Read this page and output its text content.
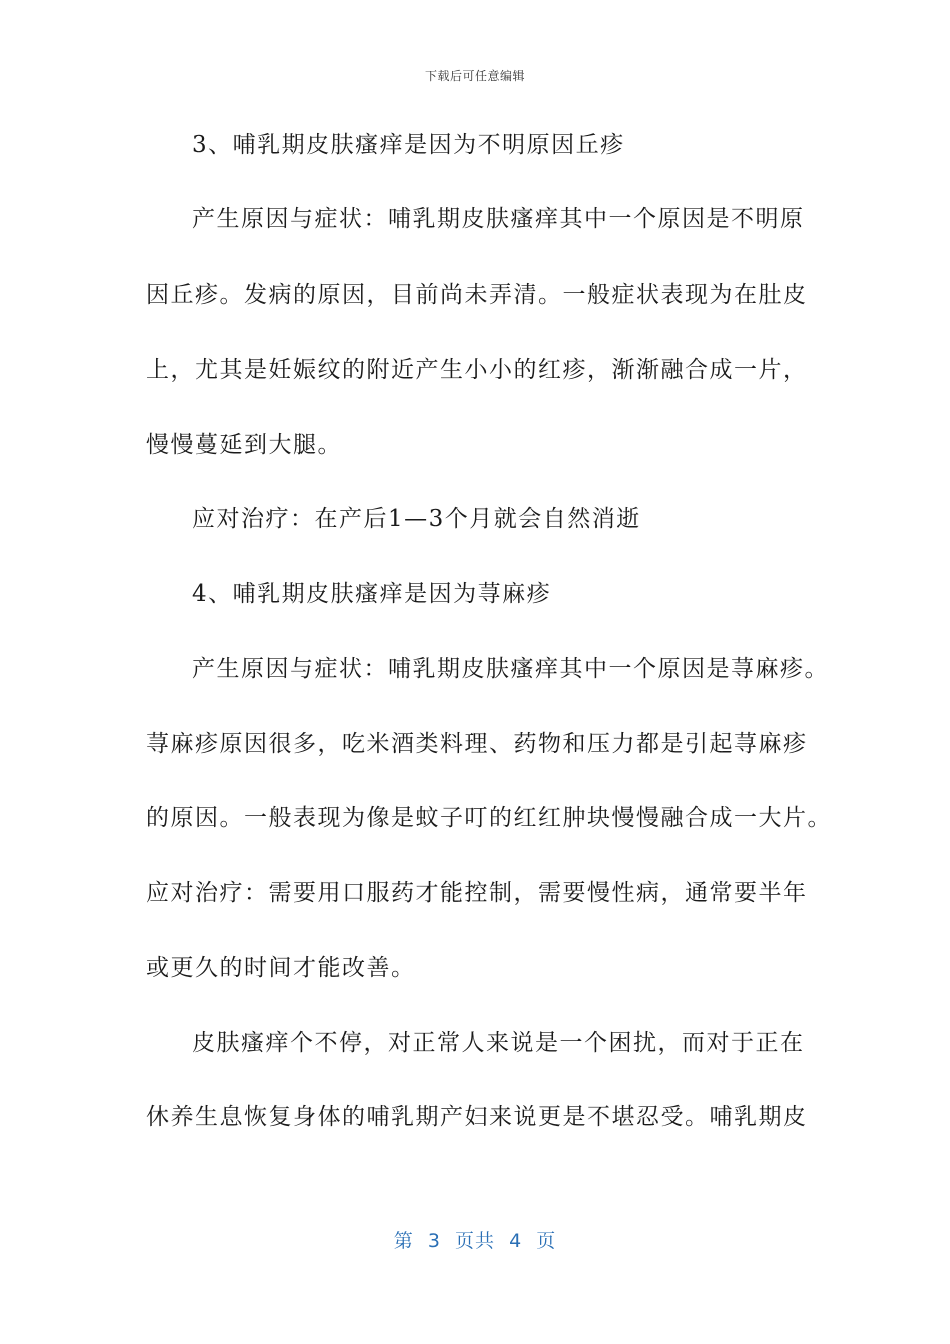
下载后可任意编辑
3、哺乳期皮肤瘙痒是因为不明原因丘疹
产生原因与症状：哺乳期皮肤瘙痒其中一个原因是不明原
因丘疹。发病的原因，目前尚未弄清。一般症状表现为在肚皮
上，尤其是妊娠纹的附近产生小小的红疹，渐渐融合成一片，
慢慢蔓延到大腿。
应对治疗：在产后1—3个月就会自然消逝
4、哺乳期皮肤瘙痒是因为荨麻疹
产生原因与症状：哺乳期皮肤瘙痒其中一个原因是荨麻疹。
荨麻疹原因很多，吃米酒类料理、药物和压力都是引起荨麻疹
的原因。一般表现为像是蚊子叮的红红肿块慢慢融合成一大片。
应对治疗：需要用口服药才能控制，需要慢性病，通常要半年
或更久的时间才能改善。
皮肤瘙痒个不停，对正常人来说是一个困扰，而对于正在
休养生息恢复身体的哺乳期产妇来说更是不堪忍受。哺乳期皮
第  3  页共  4  页
